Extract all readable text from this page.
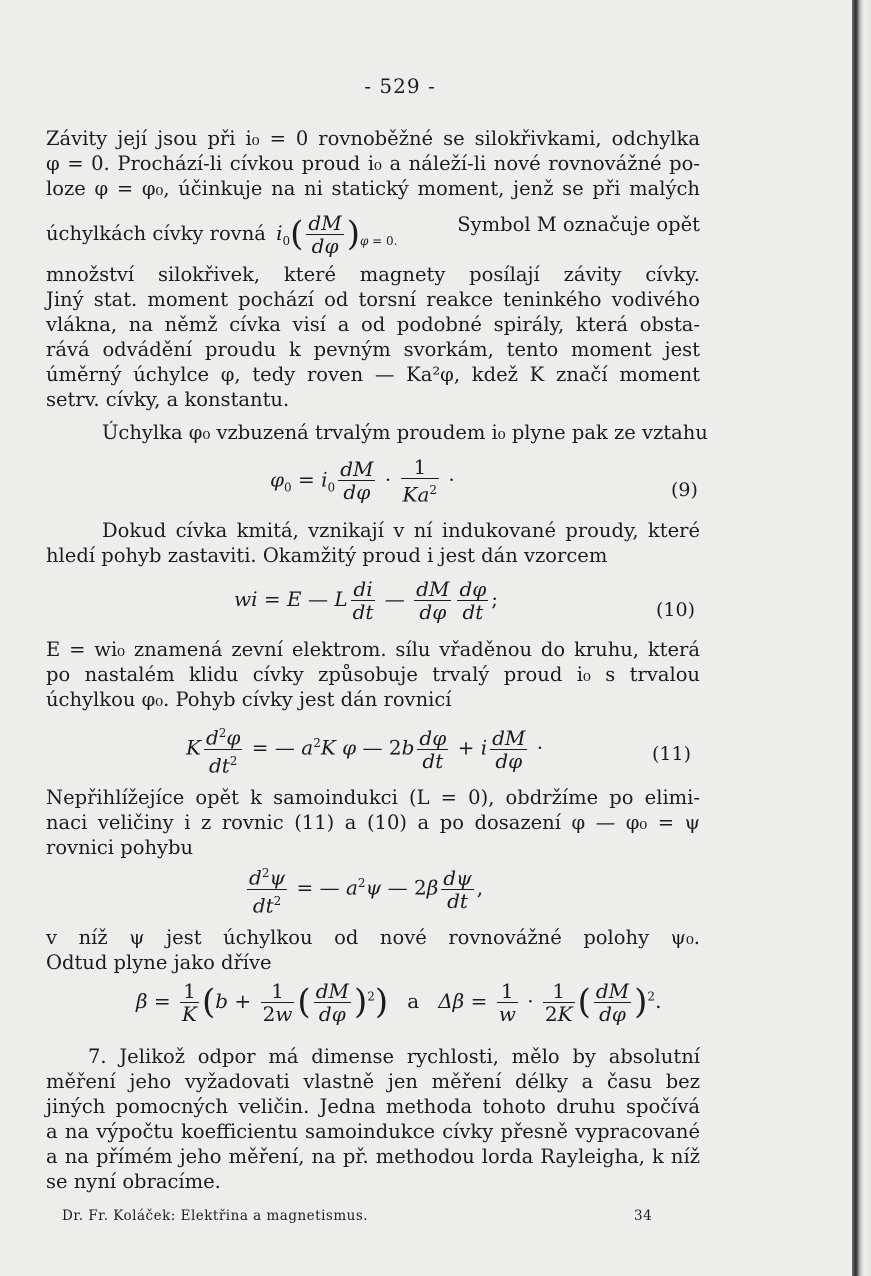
- 529 -
Závity její jsou při i₀ = 0 rovnoběžné se silokřivkami, odchylka
φ = 0. Prochází-li cívkou proud i₀ a náleží-li nové rovnovážné po-
loze φ = φ₀, účinkuje na ni statický moment, jenž se při malých
úchylkách cívky rovná $i_0( \frac{dM}{d\varphi} )_{\varphi = 0.}$
Symbol M označuje opět
množství silokřivek, které magnety posílají závity cívky.
Jiný stat. moment pochází od torsní reakce teninkého vodivého
vlákna, na němž cívka visí a od podobné spirály, která obsta-
rává odvádění proudu k pevným svorkám, tento moment jest
úměrný úchylce φ, tedy roven — Ka²φ, kdež K značí moment
setrv. cívky, a konstantu.
Úchylka φ₀ vzbuzená trvalým proudem i₀ plyne pak ze vztahu
$\varphi_0 = i_0 \frac{dM}{d\varphi} \cdot \frac{1}{Ka^2}$ ·	(9)
Dokud cívka kmitá, vznikají v ní indukované proudy, které
hledí pohyb zastaviti. Okamžitý proud i jest dán vzorcem
wi = E — L $\frac{di}{dt}$ — $\frac{dM}{d\varphi} \frac{d\varphi}{dt}$ ;	(10)
E = wi₀ znamená zevní elektrom. sílu vřaděnou do kruhu, která
po nastalém klidu cívky způsobuje trvalý proud i₀ s trvalou
úchylkou φ₀. Pohyb cívky jest dán rovnicí
K $\frac{d^2\varphi}{dt^2}$ = — $a^2K$ φ — $2b \frac{d\varphi}{dt} + i \frac{dM}{d\varphi}$ ·	(11)
Nepřihlížejíce opět k samoindukci (L = 0), obdržíme po elimi-
naci veličiny i z rovnic (11) a (10) a po dosazení φ — φ₀ = ψ
rovnici pohybu
$\frac{d^2\psi}{dt^2}$ = — $a^2\psi$ — $2\beta \frac{d\psi}{dt}$ ,
v níž ψ jest úchylkou od nové rovnovážné polohy ψ₀.
Odtud plyne jako dříve
$\beta = \frac{1}{K} (b + \frac{1}{2w}$ ( $\frac{dM}{d\varphi} )^2$)   a   $\Delta\beta = \frac{1}{w} \cdot \frac{1}{2K}$ ( $\frac{dM}{d\varphi} )^2$.
7. Jelikož odpor má dimense rychlosti, mělo by absolutní
měření jeho vyžadovati vlastně jen měření délky a času bez
jiných pomocných veličin. Jedna methoda tohoto druhu spočívá
a na výpočtu koefficientu samoindukce cívky přesně vypracované
a na přímém jeho měření, na př. methodou lorda Rayleigha, k níž
se nyní obracíme.
Dr. Fr. Koláček: Elektřina a magnetismus.	34
